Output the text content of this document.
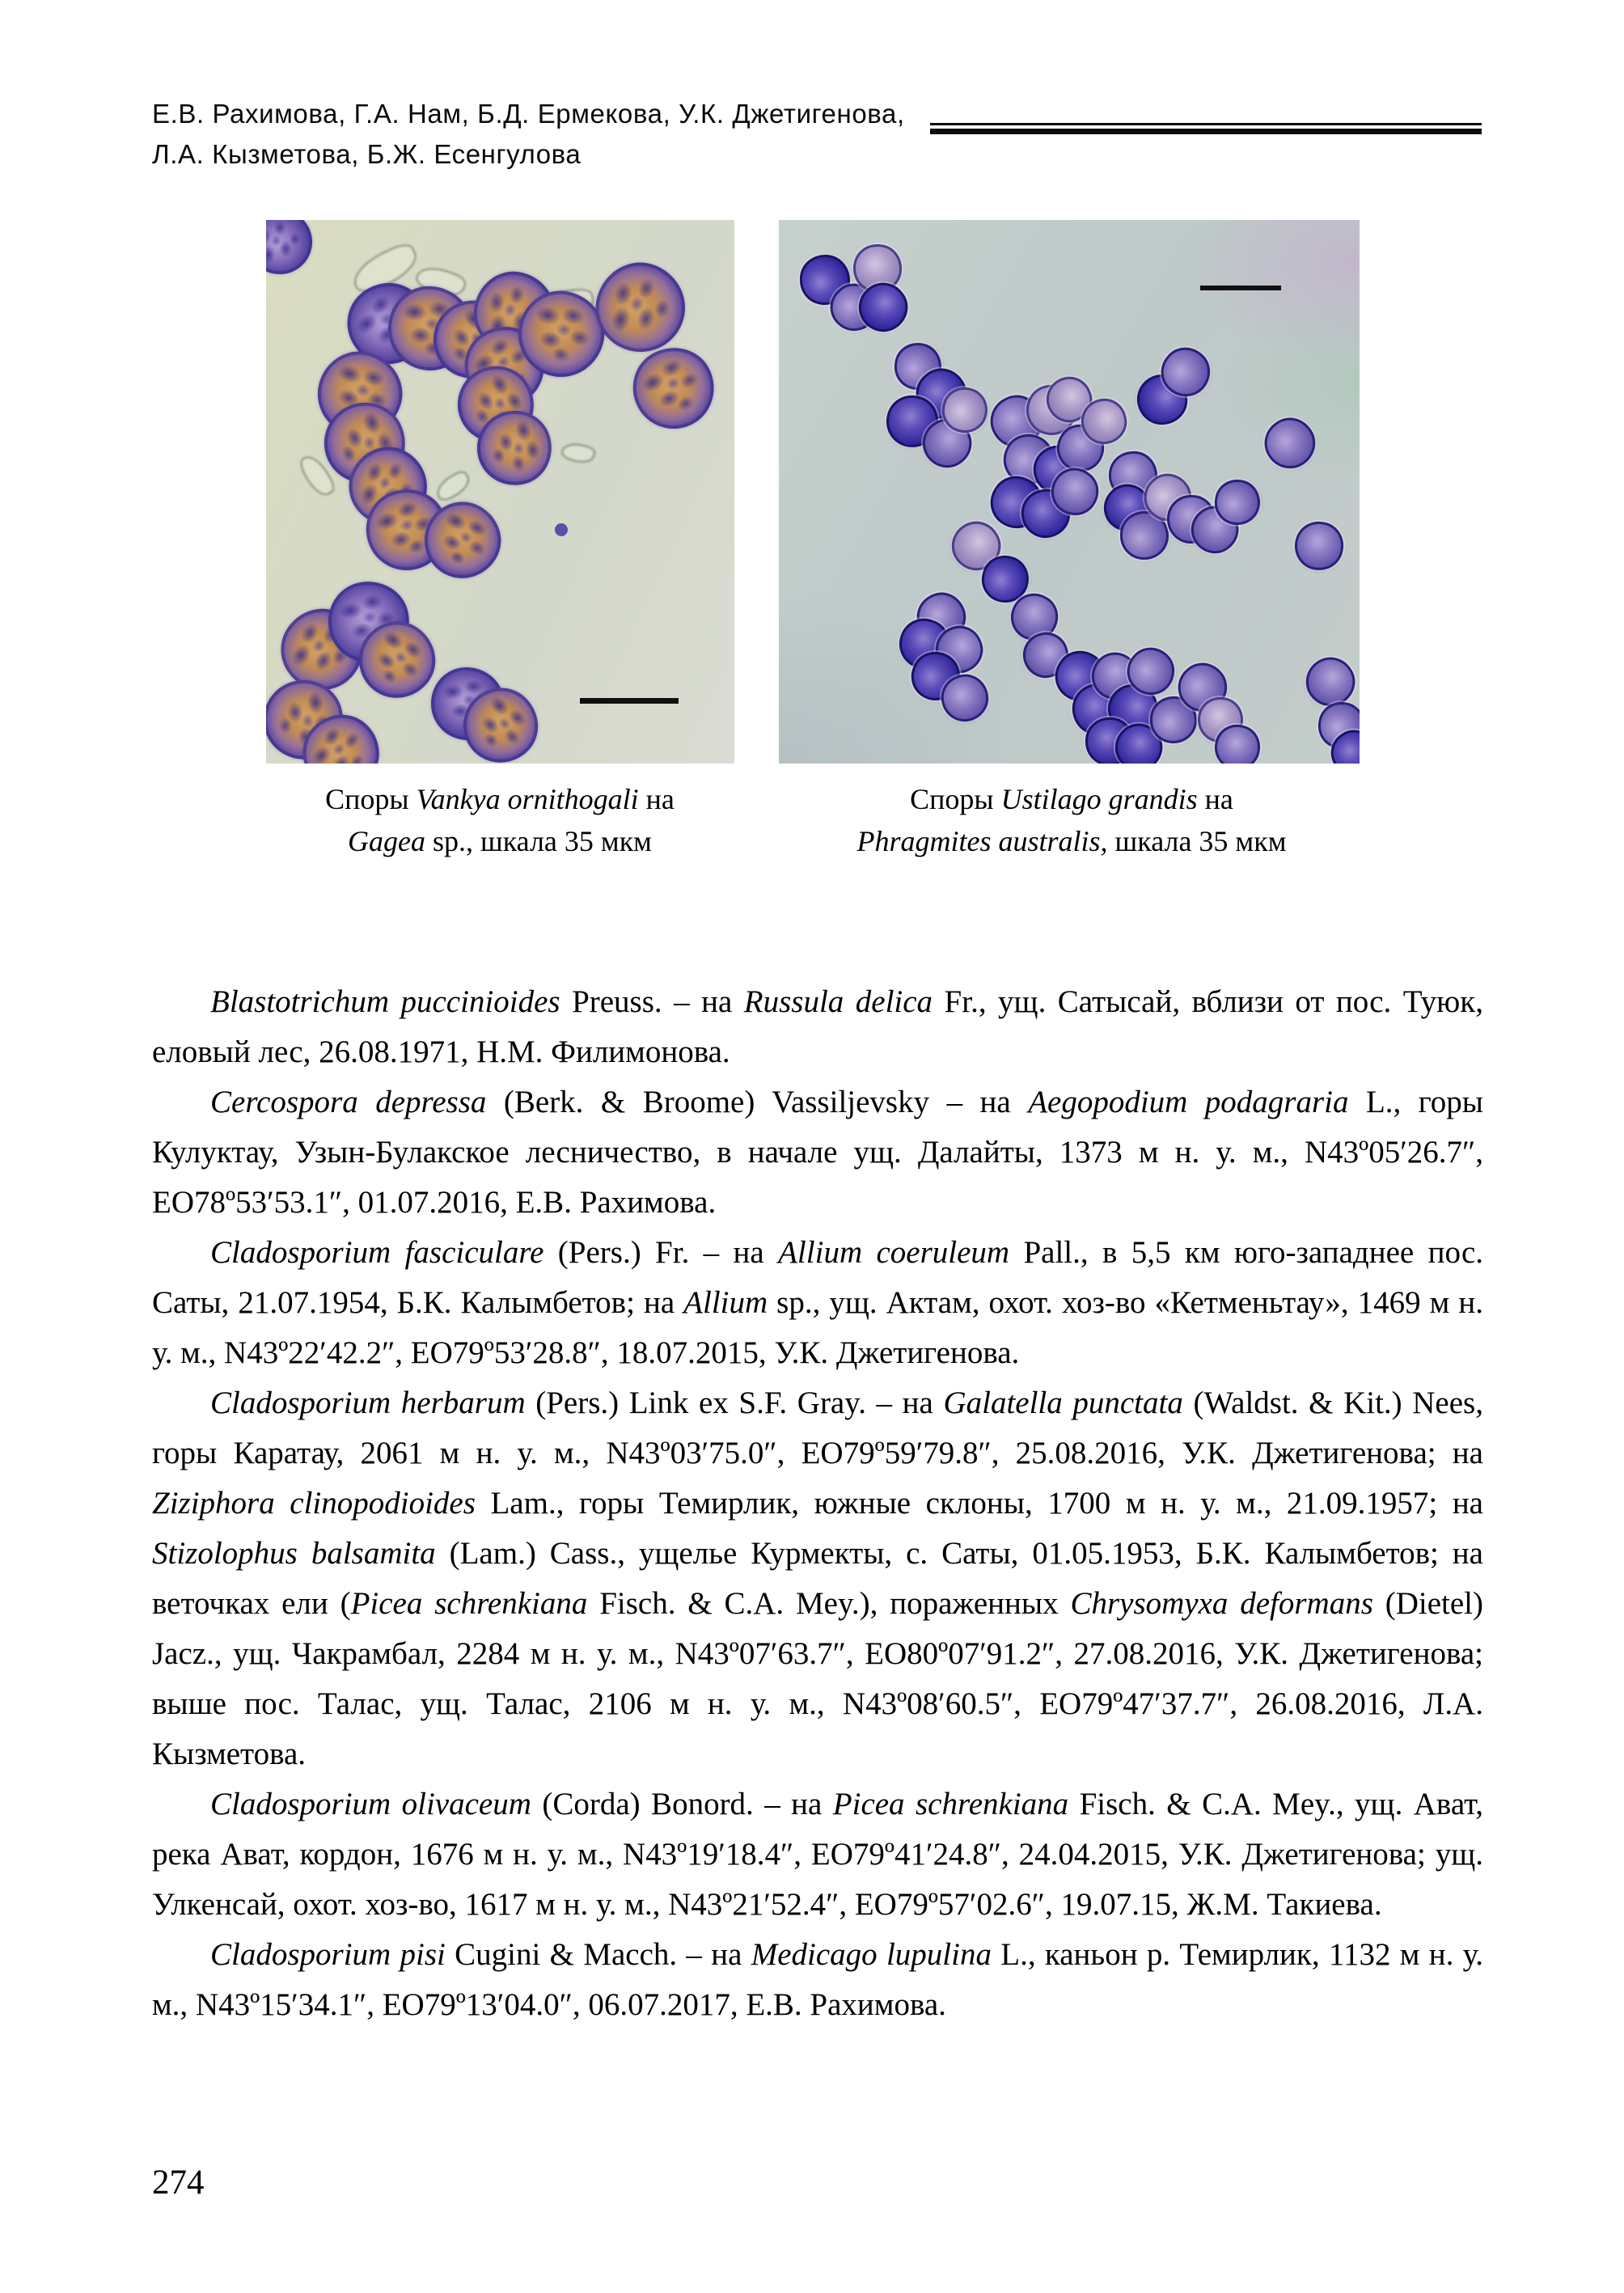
Е.В. Рахимова, Г.А. Нам, Б.Д. Ермекова, У.К. Джетигенова,
Л.А. Кызметова, Б.Ж. Есенгулова
Споры Vankya ornithogali на
Gagea sp., шкала 35 мкм
Споры Ustilago grandis на
Phragmites australis, шкала 35 мкм

Blastotrichum puccinioides Preuss. – на Russula delica Fr., ущ. Сатысай, вблизи от пос. Туюк, еловый лес, 26.08.1971, Н.М. Филимонова.

Cercospora depressa (Berk. & Broome) Vassiljevsky – на Aegopodium podagraria L., горы Кулуктау, Узын-Булакское лесничество, в начале ущ. Далайты, 1373 м н. у. м., N43º05′26.7″, ЕО78º53′53.1″, 01.07.2016, Е.В. Рахимова.

Cladosporium fasciculare (Pers.) Fr. – на Allium coeruleum Pall., в 5,5 км юго-западнее пос. Саты, 21.07.1954, Б.К. Калымбетов; на Allium sp., ущ. Актам, охот. хоз-во «Кетменьтау», 1469 м н. у. м., N43º22′42.2″, ЕО79º53′28.8″, 18.07.2015, У.К. Джетигенова.

Cladosporium herbarum (Pers.) Link ex S.F. Gray. – на Galatella punctata (Waldst. & Kit.) Nees, горы Каратау, 2061 м н. у. м., N43º03′75.0″, ЕО79º59′79.8″, 25.08.2016, У.К. Джетигенова; на Ziziphora clinopodioides Lam., горы Темирлик, южные склоны, 1700 м н. у. м., 21.09.1957; на Stizolophus balsamita (Lam.) Cass., ущелье Курмекты, с. Саты, 01.05.1953, Б.К. Калымбетов; на веточках ели (Picea schrenkiana Fisch. & C.A. Mey.), пораженных Chrysomyxa deformans (Dietel) Jacz., ущ. Чакрамбал, 2284 м н. у. м., N43º07′63.7″, ЕО80º07′91.2″, 27.08.2016, У.К. Джетигенова; выше пос. Талас, ущ. Талас, 2106 м н. у. м., N43º08′60.5″, ЕО79º47′37.7″, 26.08.2016, Л.А. Кызметова.

Cladosporium olivaceum (Corda) Bonord. – на Picea schrenkiana Fisch. & C.A. Mey., ущ. Ават, река Ават, кордон, 1676 м н. у. м., N43º19′18.4″, ЕО79º41′24.8″, 24.04.2015, У.К. Джетигенова; ущ. Улкенсай, охот. хоз-во, 1617 м н. у. м., N43º21′52.4″, ЕО79º57′02.6″, 19.07.15, Ж.М. Такиева.

Cladosporium pisi Cugini & Macch. – на Medicago lupulina L., каньон р. Темирлик, 1132 м н. у. м., N43º15′34.1″, ЕО79º13′04.0″, 06.07.2017, Е.В. Рахимова.

274
